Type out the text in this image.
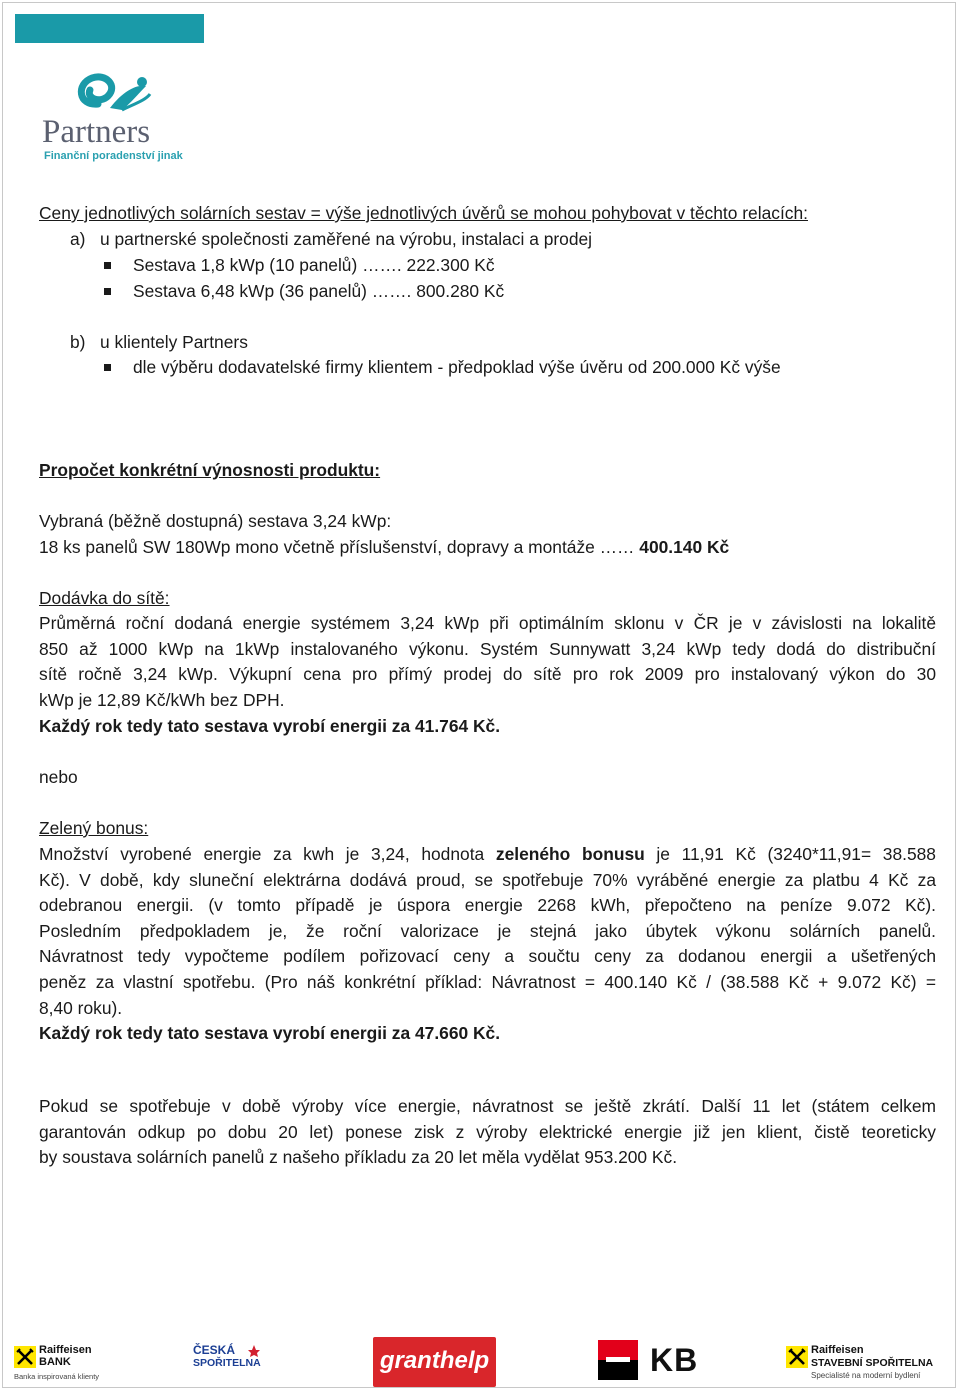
Partners
Finanční poradenství jinak
Ceny jednotlivých solárních sestav = výše jednotlivých úvěrů se mohou pohybovat v těchto relacích:
a) u partnerské společnosti zaměřené na výrobu, instalaci a prodej
Sestava 1,8 kWp (10 panelů) ……. 222.300 Kč
Sestava 6,48 kWp (36 panelů) ……. 800.280 Kč
b) u klientely Partners
dle výběru dodavatelské firmy klientem - předpoklad výše úvěru od 200.000 Kč výše
Propočet konkrétní výnosnosti produktu:
Vybraná (běžně dostupná) sestava 3,24 kWp:
18 ks panelů SW 180Wp mono včetně příslušenství, dopravy a montáže …… 400.140 Kč
Dodávka do sítě:
Průměrná roční dodaná energie systémem 3,24 kWp při optimálním sklonu v ČR je v závislosti na lokalitě
850 až 1000 kWp na 1kWp instalovaného výkonu. Systém Sunnywatt 3,24 kWp tedy dodá do distribuční
sítě ročně 3,24 kWp. Výkupní cena pro přímý prodej do sítě pro rok 2009 pro instalovaný výkon do 30
kWp je 12,89 Kč/kWh bez DPH.
Každý rok tedy tato sestava vyrobí energii za 41.764 Kč.
nebo
Zelený bonus:
Množství vyrobené energie za kwh je 3,24, hodnota zeleného bonusu je 11,91 Kč (3240*11,91= 38.588
Kč). V době, kdy sluneční elektrárna dodává proud, se spotřebuje 70% vyráběné energie za platbu 4 Kč za
odebranou energii. (v tomto případě je úspora energie 2268 kWh, přepočteno na peníze 9.072 Kč).
Posledním předpokladem je, že roční valorizace je stejná jako úbytek výkonu solárních panelů.
Návratnost tedy vypočteme podílem pořizovací ceny a součtu ceny za dodanou energii a ušetřených
peněz za vlastní spotřebu. (Pro náš konkrétní příklad: Návratnost = 400.140 Kč / (38.588 Kč + 9.072 Kč) =
8,40 roku).
Každý rok tedy tato sestava vyrobí energii za 47.660 Kč.
Pokud se spotřebuje v době výroby více energie, návratnost se ještě zkrátí. Další 11 let (státem celkem
garantován odkup po dobu 20 let) ponese zisk z výroby elektrické energie již jen klient, čistě teoreticky
by soustava solárních panelů z našeho příkladu za 20 let měla vydělat 953.200 Kč.
Raiffeisen
BANK
Banka inspirovaná klienty
ČESKÁ
SPOŘITELNA	granthelp	KB	Raiffeisen
STAVEBNÍ SPOŘITELNA
Specialisté na moderní bydlení
